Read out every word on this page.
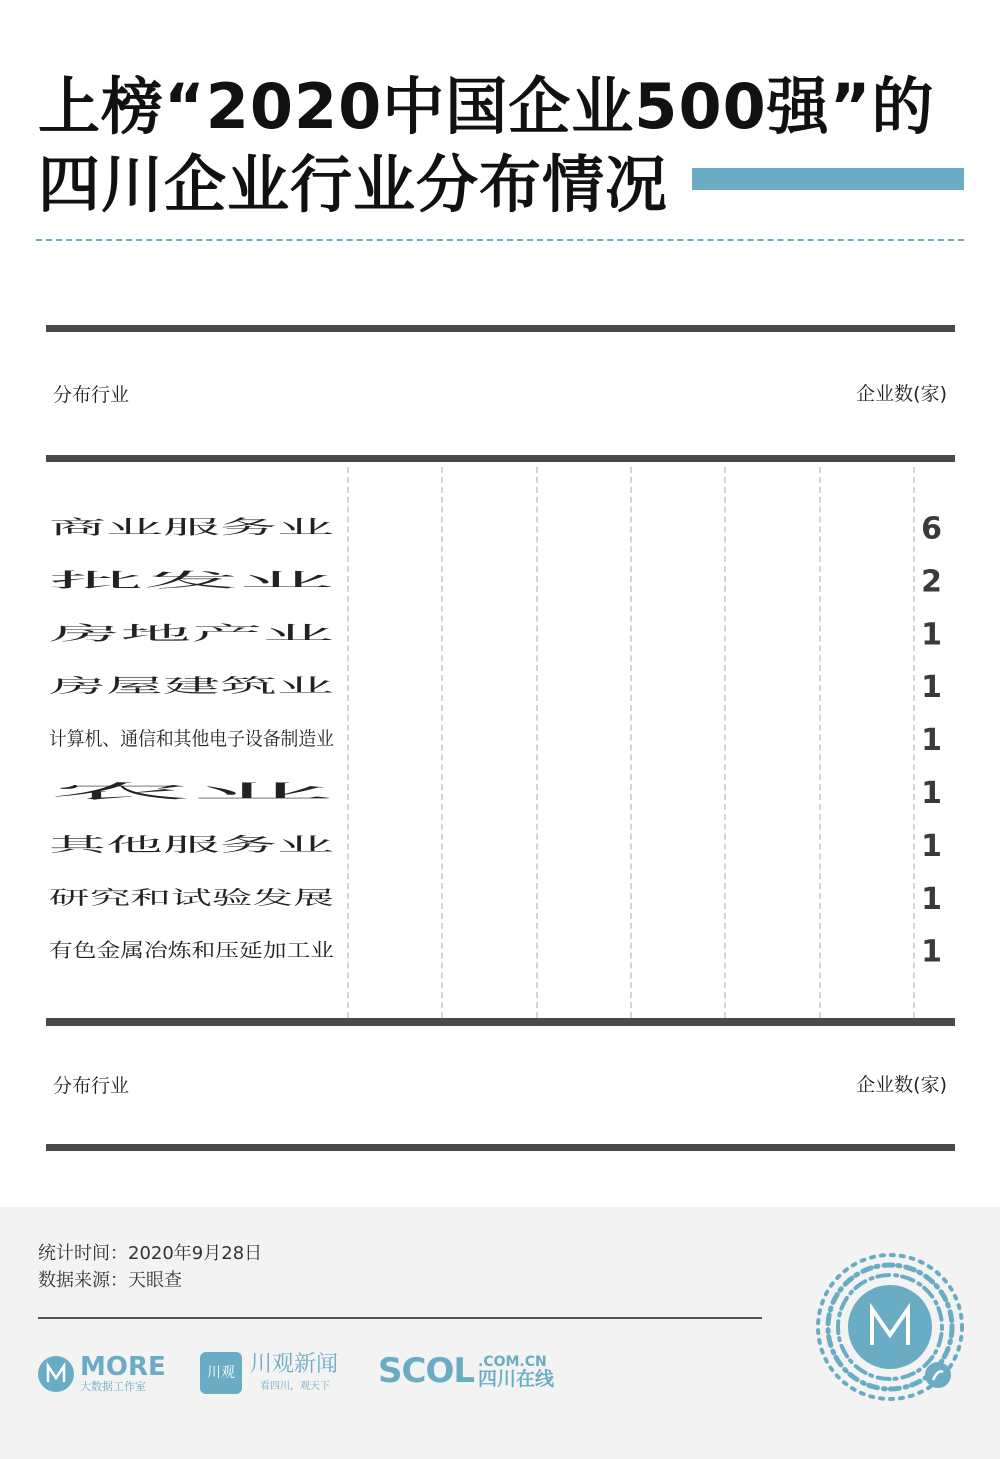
上榜“2020中国企业500强”的
四川企业行业分布情况
分布行业	企业数(家)
商业服务业	6
批发业	2
房地产业	1
房屋建筑业	1
计算机、通信和其他电子设备制造业	1
农业	1
其他服务业	1
研究和试验发展	1
有色金属冶炼和压延加工业	1
分布行业	企业数(家)
统计时间：2020年9月28日
数据来源：天眼查
MORE
大数据工作室
川观 川观新闻
看四川，观天下 SCOL .COM.CN
四川在线
